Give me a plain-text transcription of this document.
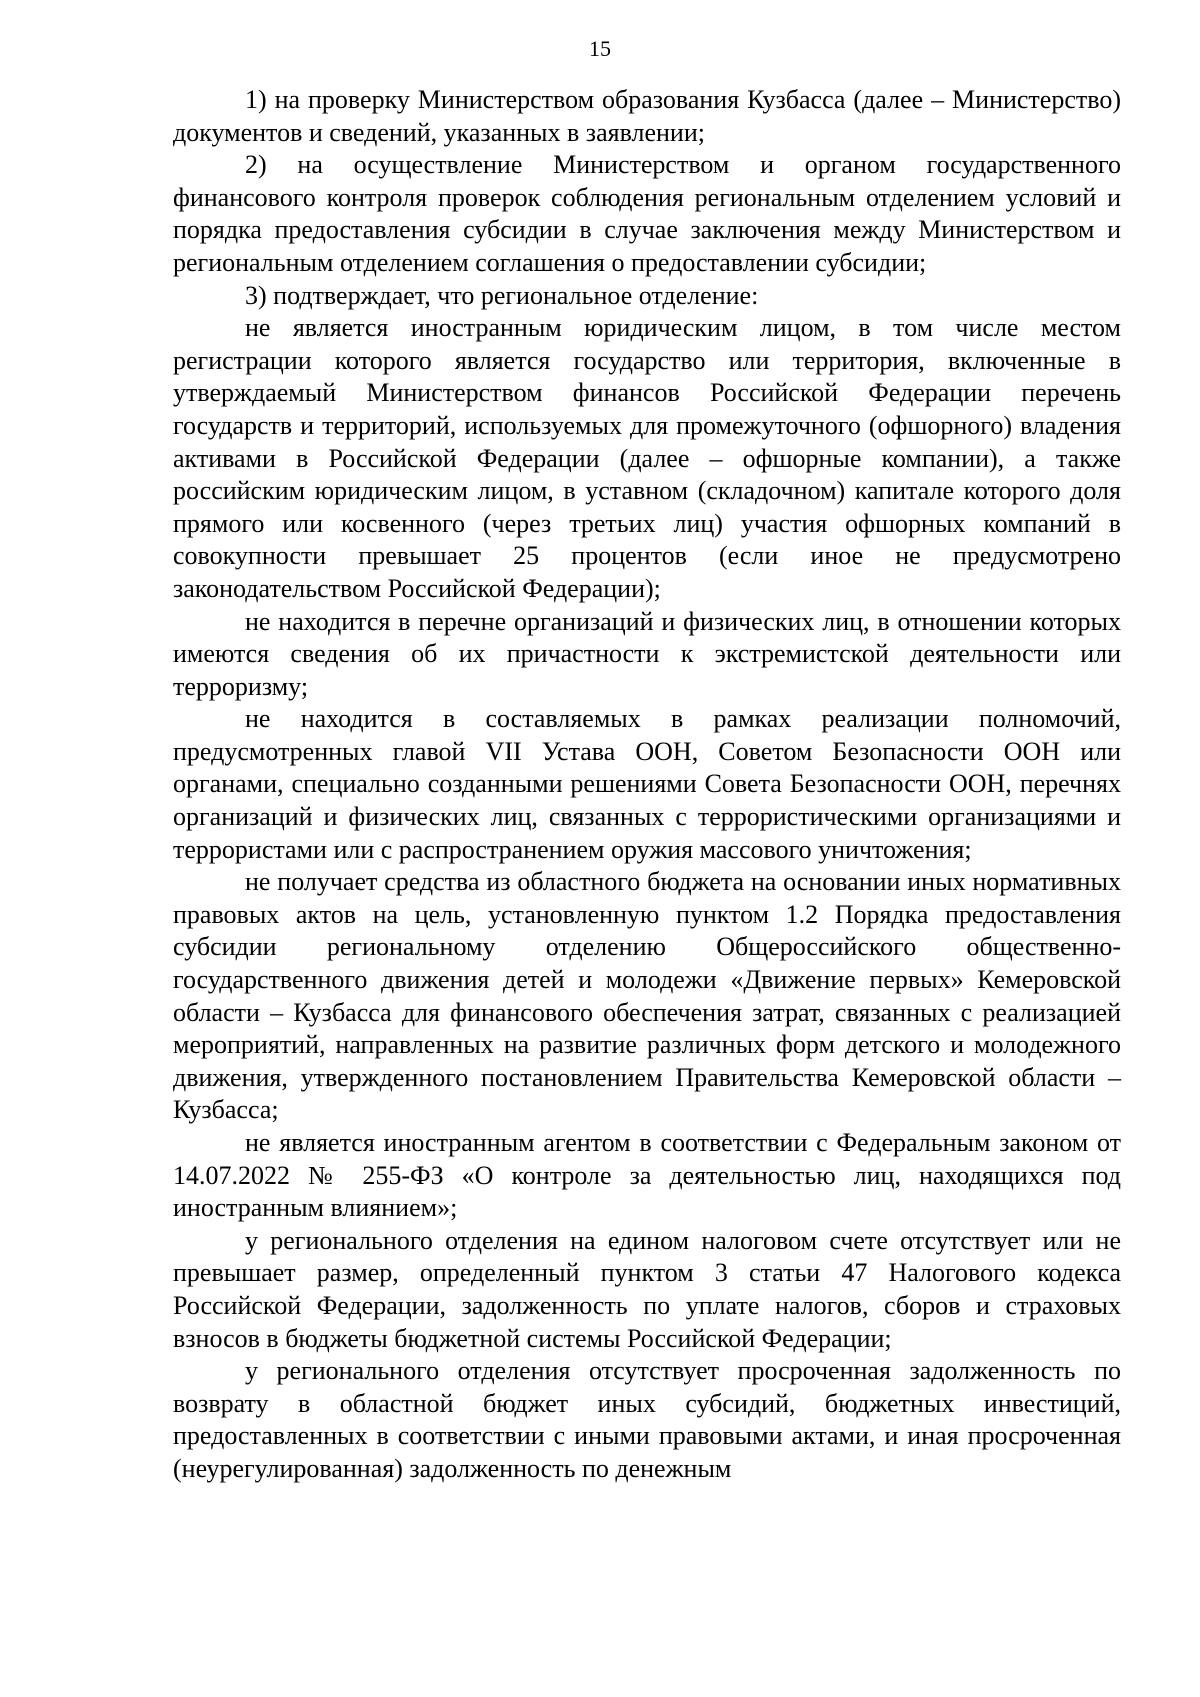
15

1) на проверку Министерством образования Кузбасса (далее – Министерство) документов и сведений, указанных в заявлении;

2) на осуществление Министерством и органом государственного финансового контроля проверок соблюдения региональным отделением условий и порядка предоставления субсидии в случае заключения между Министерством и региональным отделением соглашения о предоставлении субсидии;

3) подтверждает, что региональное отделение:

не является иностранным юридическим лицом, в том числе местом регистрации которого является государство или территория, включенные в утверждаемый Министерством финансов Российской Федерации перечень государств и территорий, используемых для промежуточного (офшорного) владения активами в Российской Федерации (далее – офшорные компании), а также российским юридическим лицом, в уставном (складочном) капитале которого доля прямого или косвенного (через третьих лиц) участия офшорных компаний в совокупности превышает 25 процентов (если иное не предусмотрено законодательством Российской Федерации);

не находится в перечне организаций и физических лиц, в отношении которых имеются сведения об их причастности к экстремистской деятельности или терроризму;

не находится в составляемых в рамках реализации полномочий, предусмотренных главой VII Устава ООН, Советом Безопасности ООН или органами, специально созданными решениями Совета Безопасности ООН, перечнях организаций и физических лиц, связанных с террористическими организациями и террористами или с распространением оружия массового уничтожения;

не получает средства из областного бюджета на основании иных нормативных правовых актов на цель, установленную пунктом 1.2 Порядка предоставления субсидии региональному отделению Общероссийского общественно-государственного движения детей и молодежи «Движение первых» Кемеровской области – Кузбасса для финансового обеспечения затрат, связанных с реализацией мероприятий, направленных на развитие различных форм детского и молодежного движения, утвержденного постановлением Правительства Кемеровской области – Кузбасса;

не является иностранным агентом в соответствии с Федеральным законом от 14.07.2022 № 255-ФЗ «О контроле за деятельностью лиц, находящихся под иностранным влиянием»;

у регионального отделения на едином налоговом счете отсутствует или не превышает размер, определенный пунктом 3 статьи 47 Налогового кодекса Российской Федерации, задолженность по уплате налогов, сборов и страховых взносов в бюджеты бюджетной системы Российской Федерации;

у регионального отделения отсутствует просроченная задолженность по возврату в областной бюджет иных субсидий, бюджетных инвестиций, предоставленных в соответствии с иными правовыми актами, и иная просроченная (неурегулированная) задолженность по денежным
